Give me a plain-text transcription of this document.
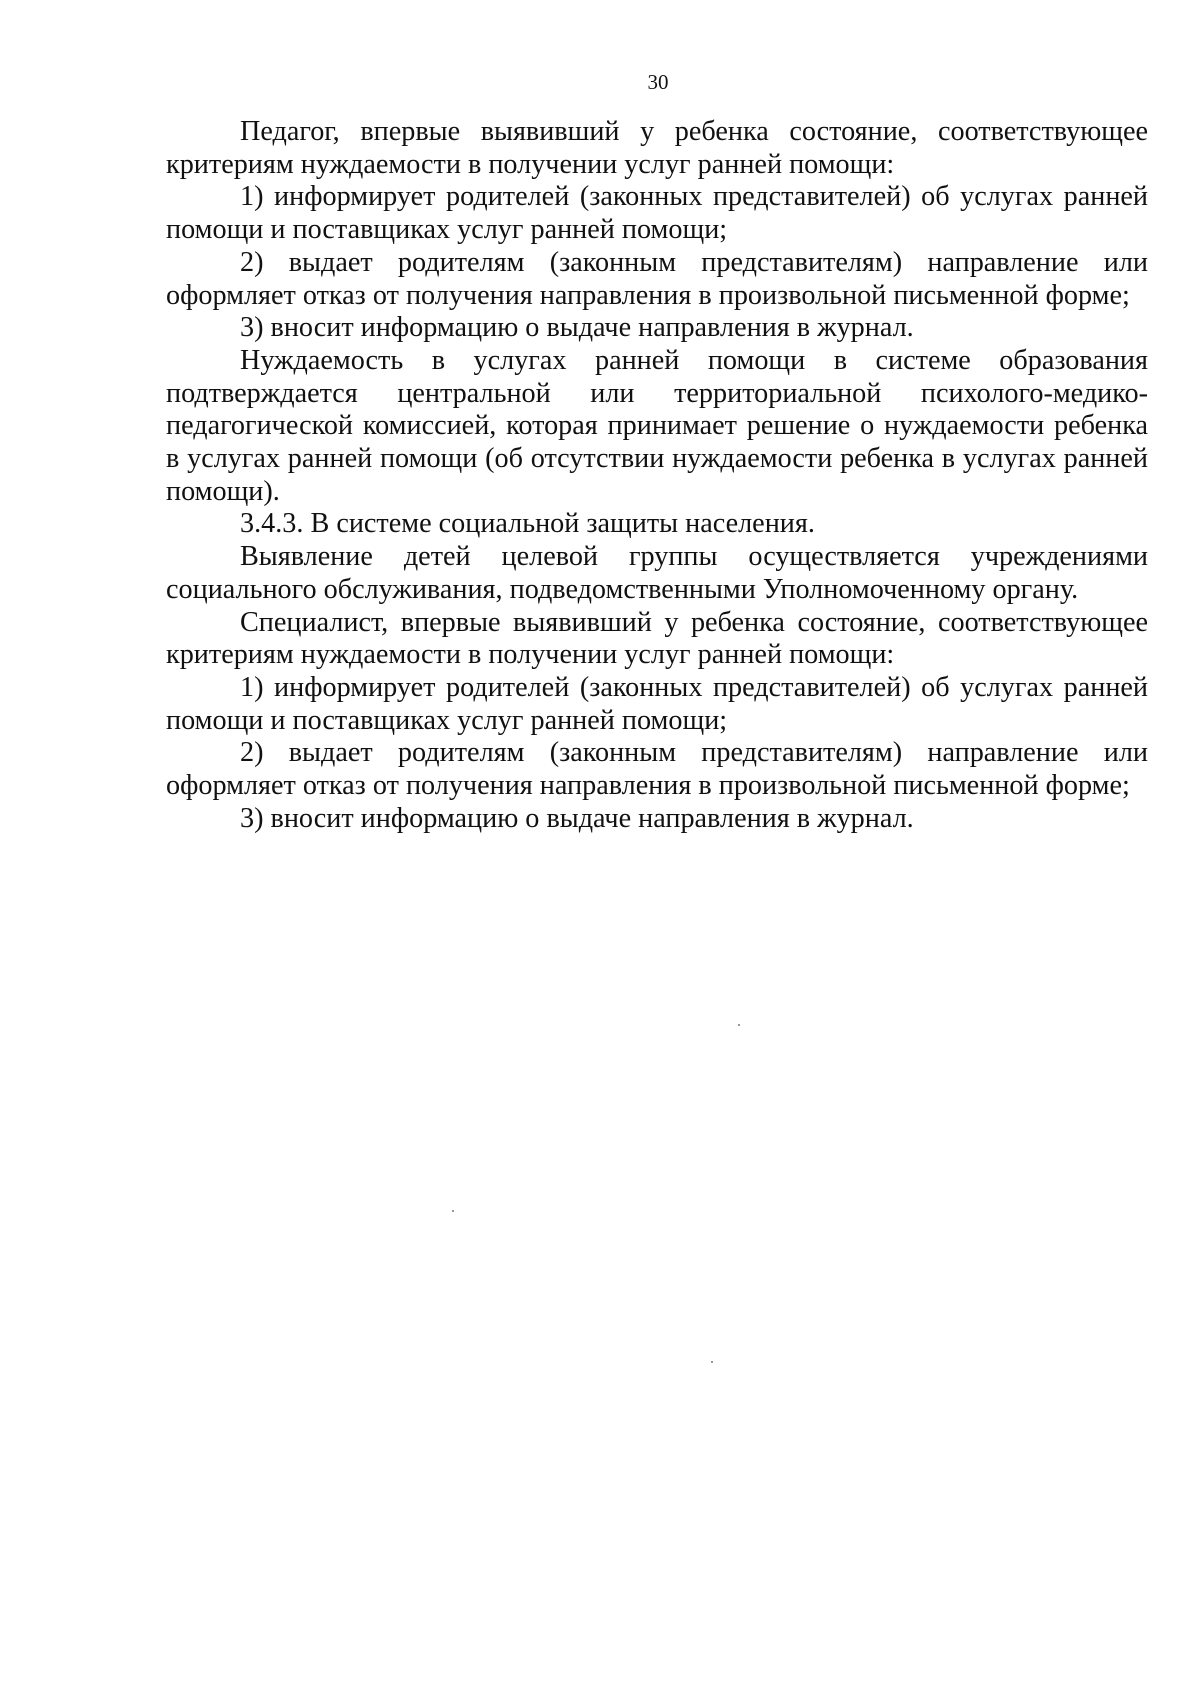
30

Педагог, впервые выявивший у ребенка состояние, соответствующее критериям нуждаемости в получении услуг ранней помощи:

1) информирует родителей (законных представителей) об услугах ранней помощи и поставщиках услуг ранней помощи;

2) выдает родителям (законным представителям) направление или оформляет отказ от получения направления в произвольной письменной форме;

3) вносит информацию о выдаче направления в журнал.

Нуждаемость в услугах ранней помощи в системе образования подтверждается центральной или территориальной психолого-медико-педагогической комиссией, которая принимает решение о нуждаемости ребенка в услугах ранней помощи (об отсутствии нуждаемости ребенка в услугах ранней помощи).

3.4.3. В системе социальной защиты населения.

Выявление детей целевой группы осуществляется учреждениями социального обслуживания, подведомственными Уполномоченному органу.

Специалист, впервые выявивший у ребенка состояние, соответствующее критериям нуждаемости в получении услуг ранней помощи:

1) информирует родителей (законных представителей) об услугах ранней помощи и поставщиках услуг ранней помощи;

2) выдает родителям (законным представителям) направление или оформляет отказ от получения направления в произвольной письменной форме;

3) вносит информацию о выдаче направления в журнал.
